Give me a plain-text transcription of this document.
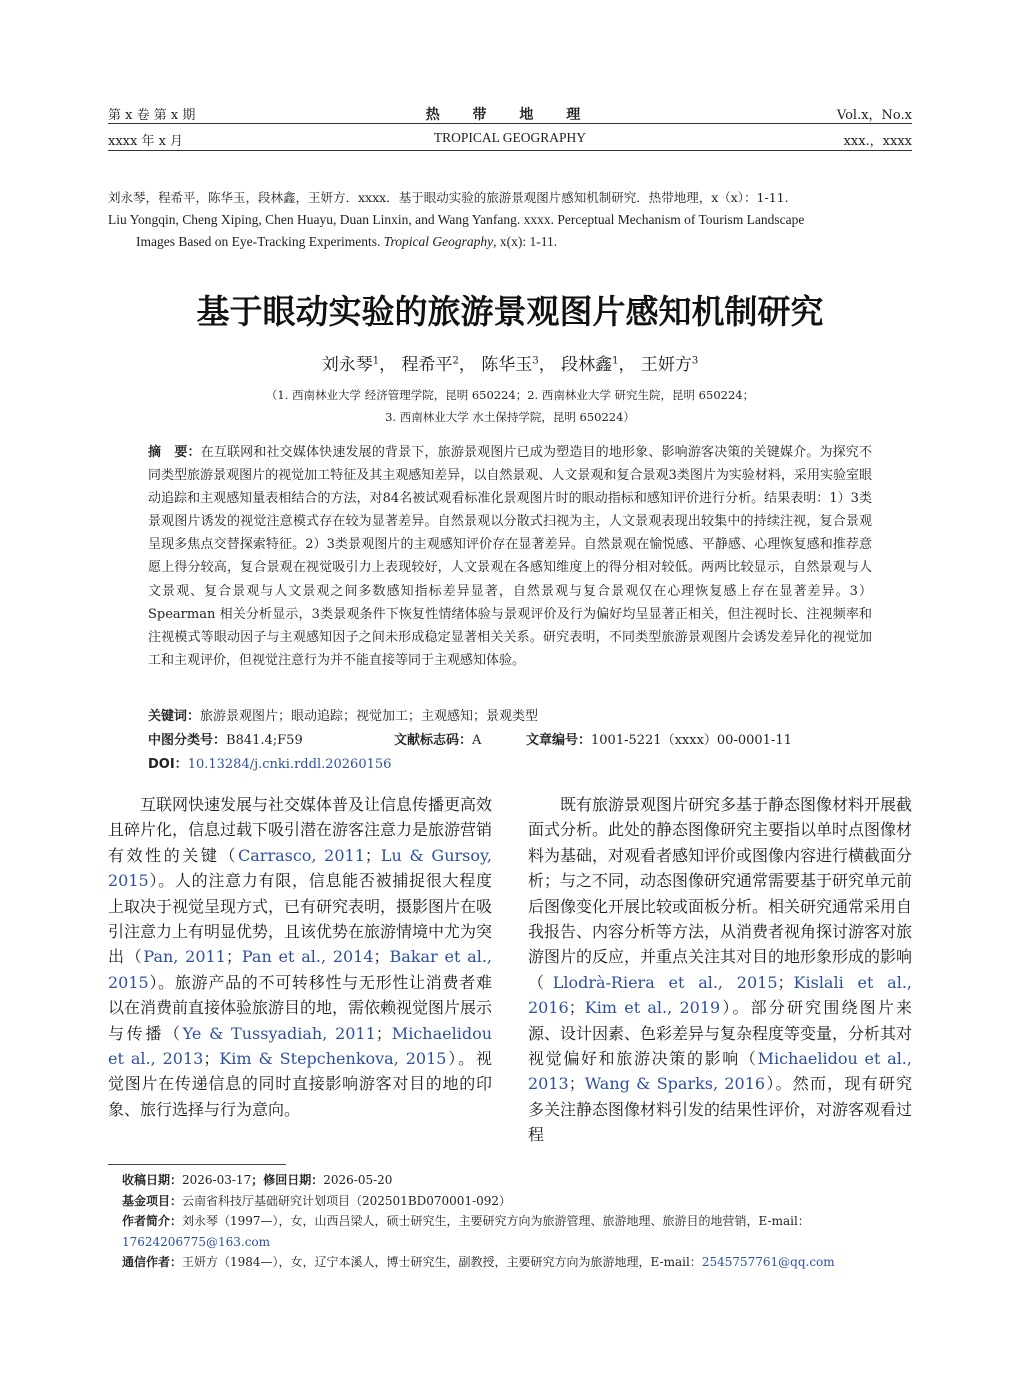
第 x 卷 第 x 期	热 带 地 理	Vol.x，No.x
xxxx 年 x 月	TROPICAL GEOGRAPHY	xxx.，xxxx
刘永琴，程希平，陈华玉，段林鑫，王妍方．xxxx．基于眼动实验的旅游景观图片感知机制研究．热带地理，x（x）：1-11.
Liu Yongqin, Cheng Xiping, Chen Huayu, Duan Linxin, and Wang Yanfang. xxxx. Perceptual Mechanism of Tourism Landscape
Images Based on Eye-Tracking Experiments. Tropical Geography, x(x): 1-11.
基于眼动实验的旅游景观图片感知机制研究
刘永琴$^1$， 程希平$^2$， 陈华玉$^3$， 段林鑫$^1$， 王妍方$^3$
（1. 西南林业大学 经济管理学院，昆明 650224；2. 西南林业大学 研究生院，昆明 650224；
3. 西南林业大学 水土保持学院，昆明 650224）
摘　要：在互联网和社交媒体快速发展的背景下，旅游景观图片已成为塑造目的地形象、影响游客决策的关键媒介。为探究不同类型旅游景观图片的视觉加工特征及其主观感知差异，以自然景观、人文景观和复合景观3类图片为实验材料，采用实验室眼动追踪和主观感知量表相结合的方法，对84名被试观看标准化景观图片时的眼动指标和感知评价进行分析。结果表明：1）3类景观图片诱发的视觉注意模式存在较为显著差异。自然景观以分散式扫视为主，人文景观表现出较集中的持续注视，复合景观呈现多焦点交替探索特征。2）3类景观图片的主观感知评价存在显著差异。自然景观在愉悦感、平静感、心理恢复感和推荐意愿上得分较高，复合景观在视觉吸引力上表现较好，人文景观在各感知维度上的得分相对较低。两两比较显示，自然景观与人文景观、复合景观与人文景观之间多数感知指标差异显著，自然景观与复合景观仅在心理恢复感上存在显著差异。3）Spearman 相关分析显示，3类景观条件下恢复性情绪体验与景观评价及行为偏好均呈显著正相关，但注视时长、注视频率和注视模式等眼动因子与主观感知因子之间未形成稳定显著相关关系。研究表明，不同类型旅游景观图片会诱发差异化的视觉加工和主观评价，但视觉注意行为并不能直接等同于主观感知体验。
关键词：旅游景观图片；眼动追踪；视觉加工；主观感知；景观类型
中图分类号：B841.4;F59	文献标志码：A	文章编号：1001-5221（xxxx）00-0001-11
DOI：10.13284/j.cnki.rddl.20260156
互联网快速发展与社交媒体普及让信息传播更高效且碎片化，信息过载下吸引潜在游客注意力是旅游营销有效性的关键（Carrasco, 2011；Lu & Gursoy, 2015）。人的注意力有限，信息能否被捕捉很大程度上取决于视觉呈现方式，已有研究表明，摄影图片在吸引注意力上有明显优势，且该优势在旅游情境中尤为突出（Pan, 2011；Pan et al., 2014；Bakar et al., 2015）。旅游产品的不可转移性与无形性让消费者难以在消费前直接体验旅游目的地，需依赖视觉图片展示与传播（Ye & Tussyadiah, 2011；Michaelidou et al., 2013；Kim & Stepchenkova, 2015）。视觉图片在传递信息的同时直接影响游客对目的地的印象、旅行选择与行为意向。
既有旅游景观图片研究多基于静态图像材料开展截面式分析。此处的静态图像研究主要指以单时点图像材料为基础，对观看者感知评价或图像内容进行横截面分析；与之不同，动态图像研究通常需要基于研究单元前后图像变化开展比较或面板分析。相关研究通常采用自我报告、内容分析等方法，从消费者视角探讨游客对旅游图片的反应，并重点关注其对目的地形象形成的影响（Llodrà-Riera et al., 2015；Kislali et al., 2016；Kim et al., 2019）。部分研究围绕图片来源、设计因素、色彩差异与复杂程度等变量，分析其对视觉偏好和旅游决策的影响（Michaelidou et al., 2013；Wang & Sparks, 2016）。然而，现有研究多关注静态图像材料引发的结果性评价，对游客观看过程
收稿日期：2026-03-17；修回日期：2026-05-20
基金项目：云南省科技厅基础研究计划项目（202501BD070001-092）
作者简介：刘永琴（1997—），女，山西吕梁人，硕士研究生，主要研究方向为旅游管理、旅游地理、旅游目的地营销，E-mail：17624206775@163.com
通信作者：王妍方（1984—），女，辽宁本溪人，博士研究生，副教授，主要研究方向为旅游地理，E-mail：2545757761@qq.com
